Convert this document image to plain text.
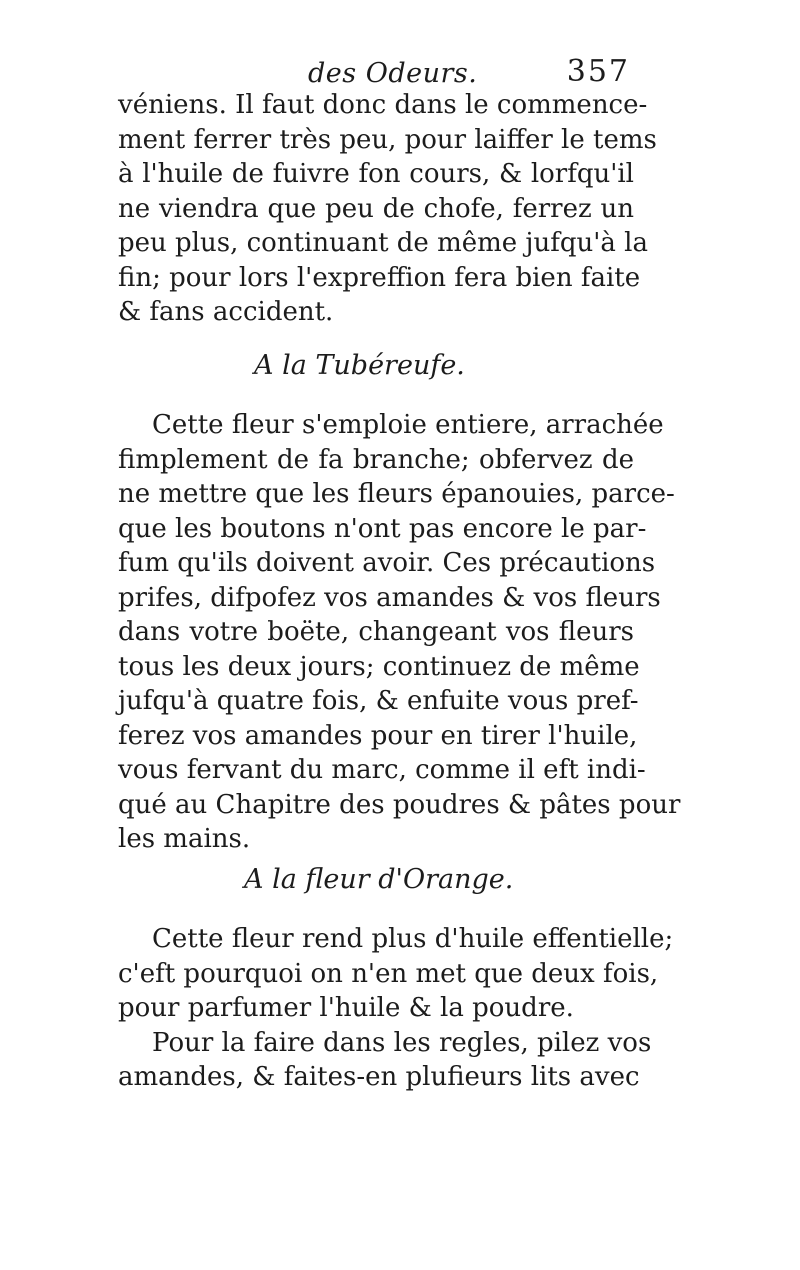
des Odeurs.	357
véniens. Il faut donc dans le commence-
ment ferrer très peu, pour laiffer le tems
à l'huile de fuivre fon cours, & lorfqu'il
ne viendra que peu de chofe, ferrez un
peu plus, continuant de même jufqu'à la
fin; pour lors l'expreffion fera bien faite
& fans accident.
A la Tubéreufe.
Cette fleur s'emploie entiere, arrachée
fimplement de fa branche; obfervez de
ne mettre que les fleurs épanouies, parce-
que les boutons n'ont pas encore le par-
fum qu'ils doivent avoir. Ces précautions
prifes, difpofez vos amandes & vos fleurs
dans votre boëte, changeant vos fleurs
tous les deux jours; continuez de même
jufqu'à quatre fois, & enfuite vous pref-
ferez vos amandes pour en tirer l'huile,
vous fervant du marc, comme il eft indi-
qué au Chapitre des poudres & pâtes pour
les mains.
A la fleur d'Orange.
Cette fleur rend plus d'huile effentielle;
c'eft pourquoi on n'en met que deux fois,
pour parfumer l'huile & la poudre.
Pour la faire dans les regles, pilez vos
amandes, & faites-en plufieurs lits avec
